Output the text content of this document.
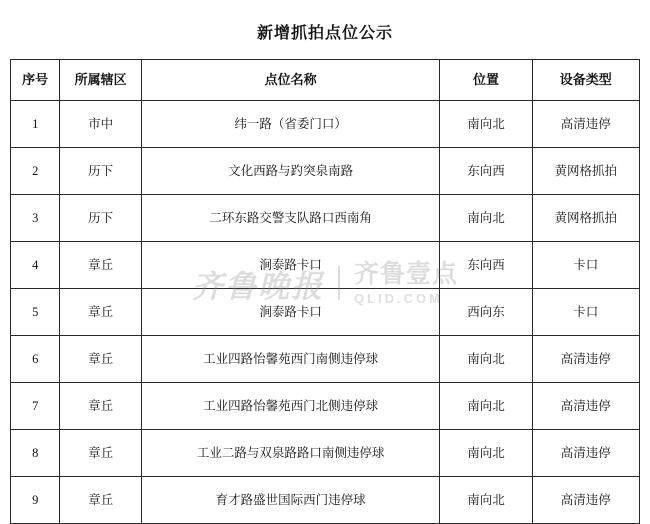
新增抓拍点位公示
序号	所属辖区	点位名称	位置	设备类型
1	市中	纬一路（省委门口）	南向北	高清违停
2	历下	文化西路与趵突泉南路	东向西	黄网格抓拍
3	历下	二环东路交警支队路口西南角	南向北	黄网格抓拍
4	章丘	涧泰路卡口	东向西	卡口
5	章丘	涧泰路卡口	西向东	卡口
6	章丘	工业四路怡馨苑西门南侧违停球	南向北	高清违停
7	章丘	工业四路怡馨苑西门北侧违停球	南向北	高清违停
8	章丘	工业二路与双泉路路口南侧违停球	南向北	高清违停
9	章丘	育才路盛世国际西门违停球	南向北	高清违停
齐鲁晚报 齐鲁壹点
QLID.COM
